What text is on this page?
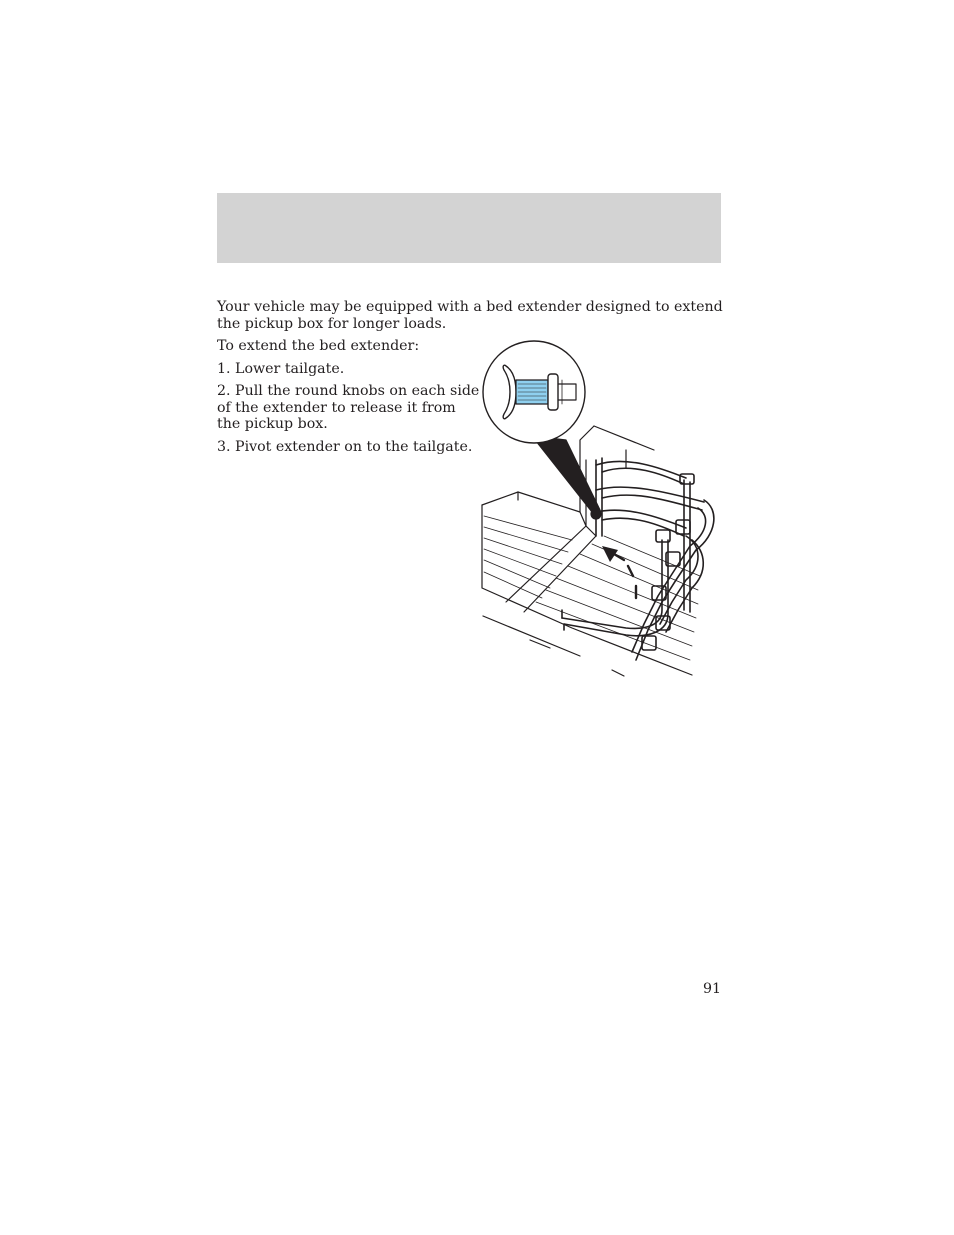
Your vehicle may be equipped with a bed extender designed to extend
the pickup box for longer loads.
To extend the bed extender:
1. Lower tailgate.
2. Pull the round knobs on each side
of the extender to release it from
the pickup box.
3. Pivot extender on to the tailgate.
91
